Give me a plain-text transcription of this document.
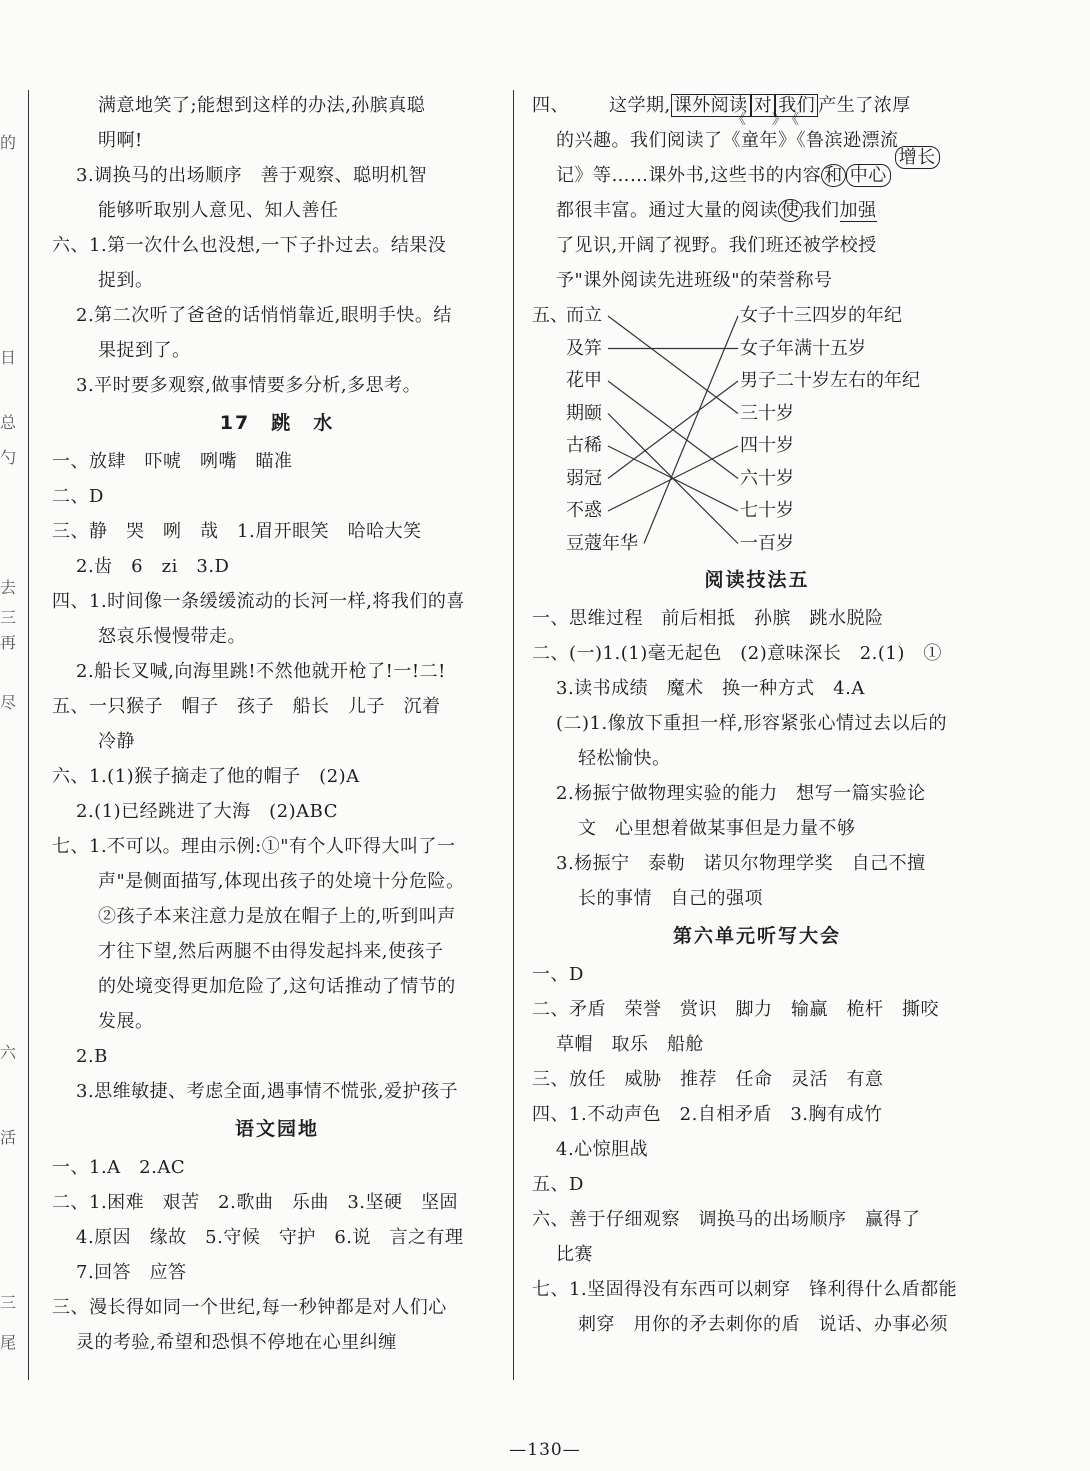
的
日
总
勺
去
三
再
尽
六
活
三
尾
满意地笑了;能想到这样的办法,孙膑真聪
明啊!
3.调换马的出场顺序　善于观察、聪明机智
能够听取别人意见、知人善任
六、1.第一次什么也没想,一下子扑过去。结果没
捉到。
2.第二次听了爸爸的话悄悄靠近,眼明手快。结
果捉到了。
3.平时要多观察,做事情要多分析,多思考。
17　跳　水
一、放肆　吓唬　咧嘴　瞄准
二、D
三、静　哭　咧　哉　1.眉开眼笑　哈哈大笑
2.齿　6　zi　3.D
四、1.时间像一条缓缓流动的长河一样,将我们的喜
怒哀乐慢慢带走。
2.船长叉喊,向海里跳!不然他就开枪了!一!二!
五、一只猴子　帽子　孩子　船长　儿子　沉着
冷静
六、1.(1)猴子摘走了他的帽子　(2)A
2.(1)已经跳进了大海　(2)ABC
七、1.不可以。理由示例:①"有个人吓得大叫了一
声"是侧面描写,体现出孩子的处境十分危险。
②孩子本来注意力是放在帽子上的,听到叫声
才往下望,然后两腿不由得发起抖来,使孩子
的处境变得更加危险了,这句话推动了情节的
发展。
2.B
3.思维敏捷、考虑全面,遇事情不慌张,爱护孩子
语文园地
一、1.A　2.AC
二、1.困难　艰苦　2.歌曲　乐曲　3.坚硬　坚固
4.原因　缘故　5.守候　守护　6.说　言之有理
7.回答　应答
三、漫长得如同一个世纪,每一秒钟都是对人们心
灵的考验,希望和恐惧不停地在心里纠缠
四、 这学期, 课外阅读 对 我们 产生了浓厚
《　》《
的兴趣。我们阅读了《童年》《鲁滨逊漂流
记》等……课外书,这些书的内容 和 中心增长
都很丰富。通过大量的阅读 使 我们加强
了见识,开阔了视野。我们班还被学校授
予"课外阅读先进班级"的荣誉称号
五、
而立
及笄
花甲
期颐
古稀
弱冠
不惑
豆蔻年华
女子十三四岁的年纪
女子年满十五岁
男子二十岁左右的年纪
三十岁
四十岁
六十岁
七十岁
一百岁
阅读技法五
一、思维过程　前后相抵　孙膑　跳水脱险
二、(一)1.(1)毫无起色　(2)意味深长　2.(1)　①
3.读书成绩　魔术　换一种方式　4.A
(二)1.像放下重担一样,形容紧张心情过去以后的
轻松愉快。
2.杨振宁做物理实验的能力　想写一篇实验论
文　心里想着做某事但是力量不够
3.杨振宁　泰勒　诺贝尔物理学奖　自己不擅
长的事情　自己的强项
第六单元听写大会
一、D
二、矛盾　荣誉　赏识　脚力　输赢　桅杆　撕咬
草帽　取乐　船舱
三、放任　威胁　推荐　任命　灵活　有意
四、1.不动声色　2.自相矛盾　3.胸有成竹
4.心惊胆战
五、D
六、善于仔细观察　调换马的出场顺序　赢得了
比赛
七、1.坚固得没有东西可以刺穿　锋利得什么盾都能
刺穿　用你的矛去刺你的盾　说话、办事必须
—130—
